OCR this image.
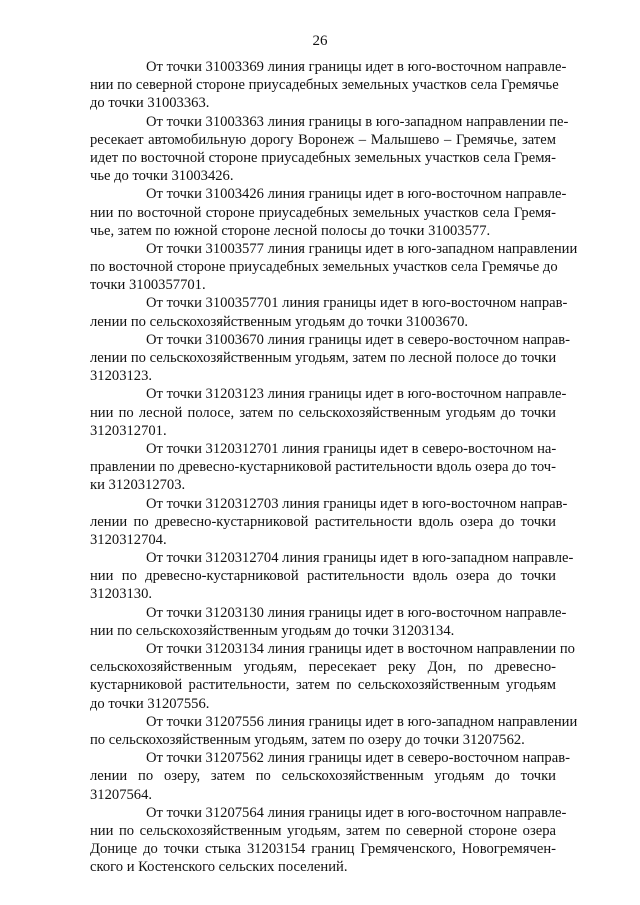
26
От точки 31003369 линия границы идет в юго-восточном направле-
нии по северной стороне приусадебных земельных участков села Гремячье
до точки 31003363.
От точки 31003363 линия границы в юго-западном направлении пе-
ресекает автомобильную дорогу Воронеж – Малышево – Гремячье, затем
идет по восточной стороне приусадебных земельных участков села Гремя-
чье до точки 31003426.
От точки 31003426 линия границы идет в юго-восточном направле-
нии по восточной стороне приусадебных земельных участков села Гремя-
чье, затем по южной стороне лесной полосы до точки 31003577.
От точки 31003577 линия границы идет в юго-западном направлении
по восточной стороне приусадебных земельных участков села Гремячье до
точки 3100357701.
От точки 3100357701 линия границы идет в юго-восточном направ-
лении по сельскохозяйственным угодьям до точки 31003670.
От точки 31003670 линия границы идет в северо-восточном направ-
лении по сельскохозяйственным угодьям, затем по лесной полосе до точки
31203123.
От точки 31203123 линия границы идет в юго-восточном направле-
нии по лесной полосе, затем по сельскохозяйственным угодьям до точки
3120312701.
От точки 3120312701 линия границы идет в северо-восточном на-
правлении по древесно-кустарниковой растительности вдоль озера до точ-
ки 3120312703.
От точки 3120312703 линия границы идет в юго-восточном направ-
лении по древесно-кустарниковой растительности вдоль озера до точки
3120312704.
От точки 3120312704 линия границы идет в юго-западном направле-
нии по древесно-кустарниковой растительности вдоль озера до точки
31203130.
От точки 31203130 линия границы идет в юго-восточном направле-
нии по сельскохозяйственным угодьям до точки 31203134.
От точки 31203134 линия границы идет в восточном направлении по
сельскохозяйственным угодьям, пересекает реку Дон, по древесно-
кустарниковой растительности, затем по сельскохозяйственным угодьям
до точки 31207556.
От точки 31207556 линия границы идет в юго-западном направлении
по сельскохозяйственным угодьям, затем по озеру до точки 31207562.
От точки 31207562 линия границы идет в северо-восточном направ-
лении по озеру, затем по сельскохозяйственным угодьям до точки
31207564.
От точки 31207564 линия границы идет в юго-восточном направле-
нии по сельскохозяйственным угодьям, затем по северной стороне озера
Донице до точки стыка 31203154 границ Гремяченского, Новогремячен-
ского и Костенского сельских поселений.
